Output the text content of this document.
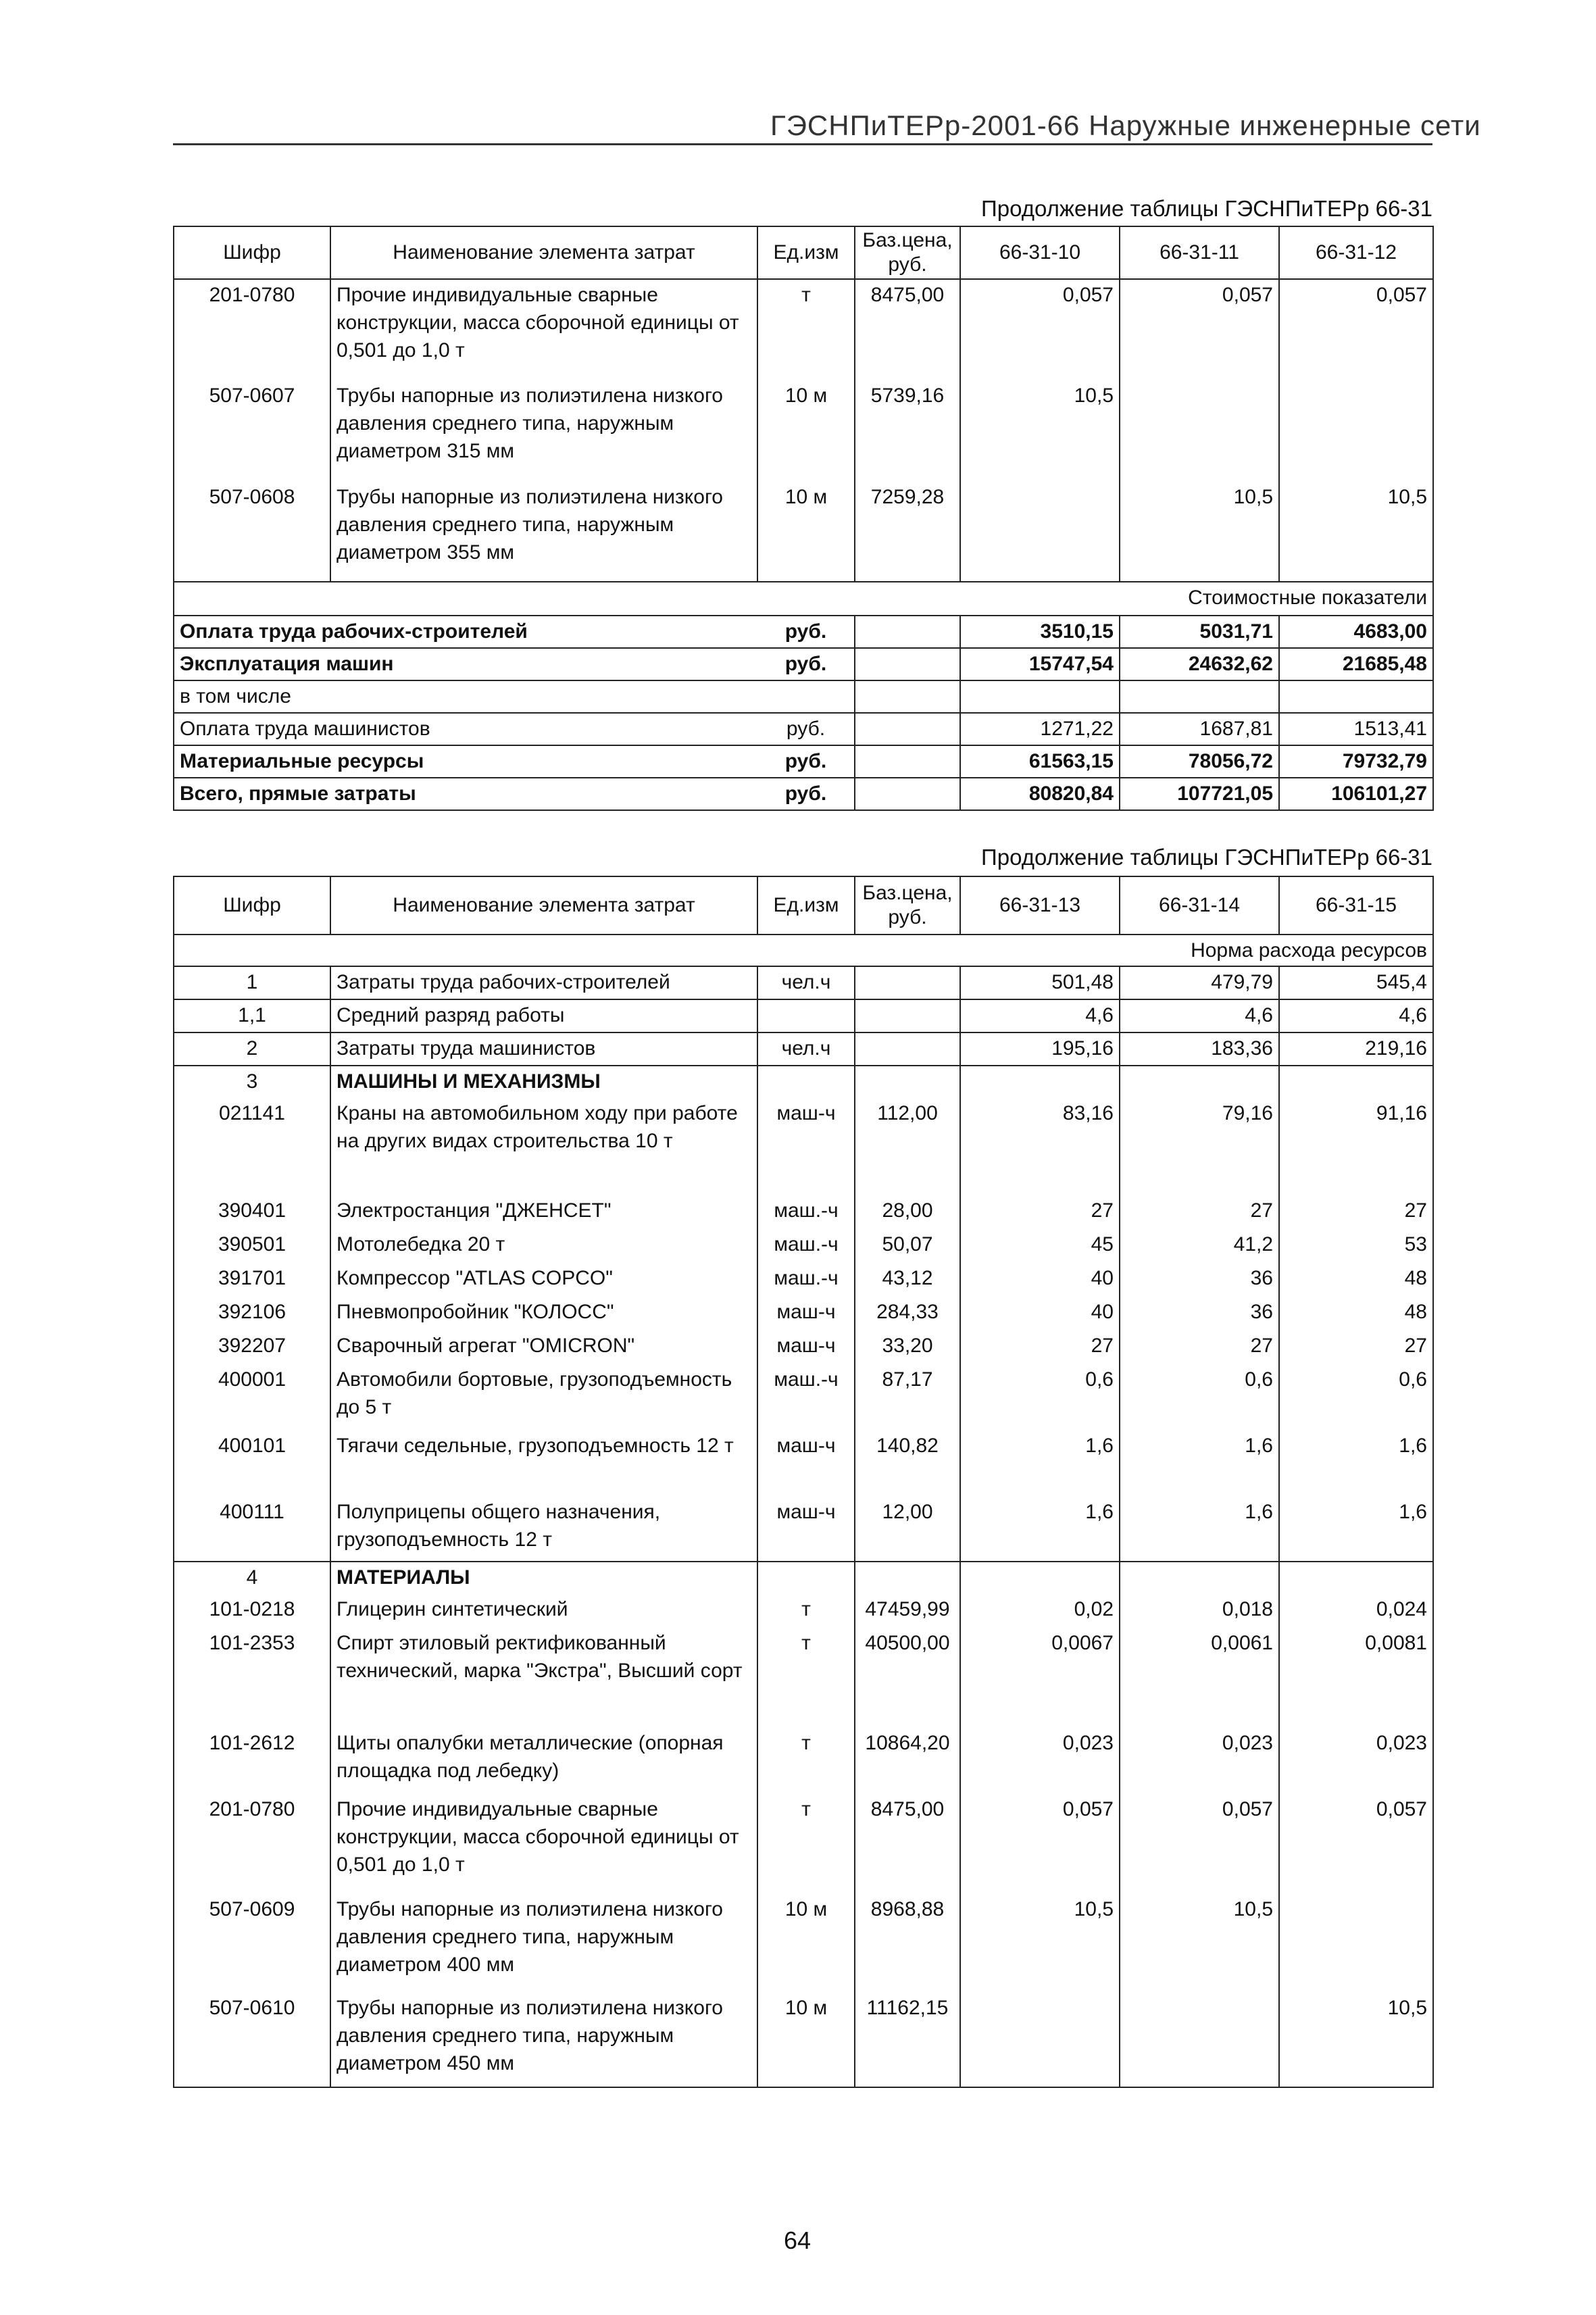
ГЭСНПиТЕРр-2001-66 Наружные инженерные сети
Продолжение таблицы ГЭСНПиТЕРр 66-31
Шифр	Наименование элемента затрат	Ед.изм	Баз.цена, руб.	66-31-10	66-31-11	66-31-12
201-0780	Прочие индивидуальные сварные конструкции, масса сборочной единицы от 0,501 до 1,0 т	т	8475,00	0,057	0,057	0,057
507-0607	Трубы напорные из полиэтилена низкого давления среднего типа, наружным диаметром 315 мм	10 м	5739,16	10,5		
507-0608	Трубы напорные из полиэтилена низкого давления среднего типа, наружным диаметром 355 мм	10 м	7259,28		10,5	10,5
Стоимостные показатели						
Оплата труда рабочих-строителей		руб.		3510,15	5031,71	4683,00
Эксплуатация машин		руб.		15747,54	24632,62	21685,48
в том числе						
Оплата труда машинистов		руб.		1271,22	1687,81	1513,41
Материальные ресурсы		руб.		61563,15	78056,72	79732,79
Всего, прямые затраты		руб.		80820,84	107721,05	106101,27
Продолжение таблицы ГЭСНПиТЕРр 66-31
Шифр	Наименование элемента затрат	Ед.изм	Баз.цена, руб.	66-31-13	66-31-14	66-31-15
Норма расхода ресурсов						
1	Затраты труда рабочих-строителей	чел.ч		501,48	479,79	545,4
1,1	Средний разряд работы			4,6	4,6	4,6
2	Затраты труда машинистов	чел.ч		195,16	183,36	219,16
3	МАШИНЫ И МЕХАНИЗМЫ					
021141	Краны на автомобильном ходу при работе на других видах строительства 10 т	маш-ч	112,00	83,16	79,16	91,16
390401	Электростанция "ДЖЕНСЕТ"	маш.-ч	28,00	27	27	27
390501	Мотолебедка 20 т	маш.-ч	50,07	45	41,2	53
391701	Компрессор "ATLAS COPCO"	маш.-ч	43,12	40	36	48
392106	Пневмопробойник "КОЛОСС"	маш-ч	284,33	40	36	48
392207	Сварочный агрегат "OMICRON"	маш-ч	33,20	27	27	27
400001	Автомобили бортовые, грузоподъемность до 5 т	маш.-ч	87,17	0,6	0,6	0,6
400101	Тягачи седельные, грузоподъемность 12 т	маш-ч	140,82	1,6	1,6	1,6
400111	Полуприцепы общего назначения, грузоподъемность 12 т	маш-ч	12,00	1,6	1,6	1,6
4	МАТЕРИАЛЫ					
101-0218	Глицерин синтетический	т	47459,99	0,02	0,018	0,024
101-2353	Спирт этиловый ректификованный технический, марка "Экстра", Высший сорт	т	40500,00	0,0067	0,0061	0,0081
101-2612	Щиты опалубки металлические (опорная площадка под лебедку)	т	10864,20	0,023	0,023	0,023
201-0780	Прочие индивидуальные сварные конструкции, масса сборочной единицы от 0,501 до 1,0 т	т	8475,00	0,057	0,057	0,057
507-0609	Трубы напорные из полиэтилена низкого давления среднего типа, наружным диаметром 400 мм	10 м	8968,88	10,5	10,5	
507-0610	Трубы напорные из полиэтилена низкого давления среднего типа, наружным диаметром 450 мм	10 м	11162,15			10,5
64
